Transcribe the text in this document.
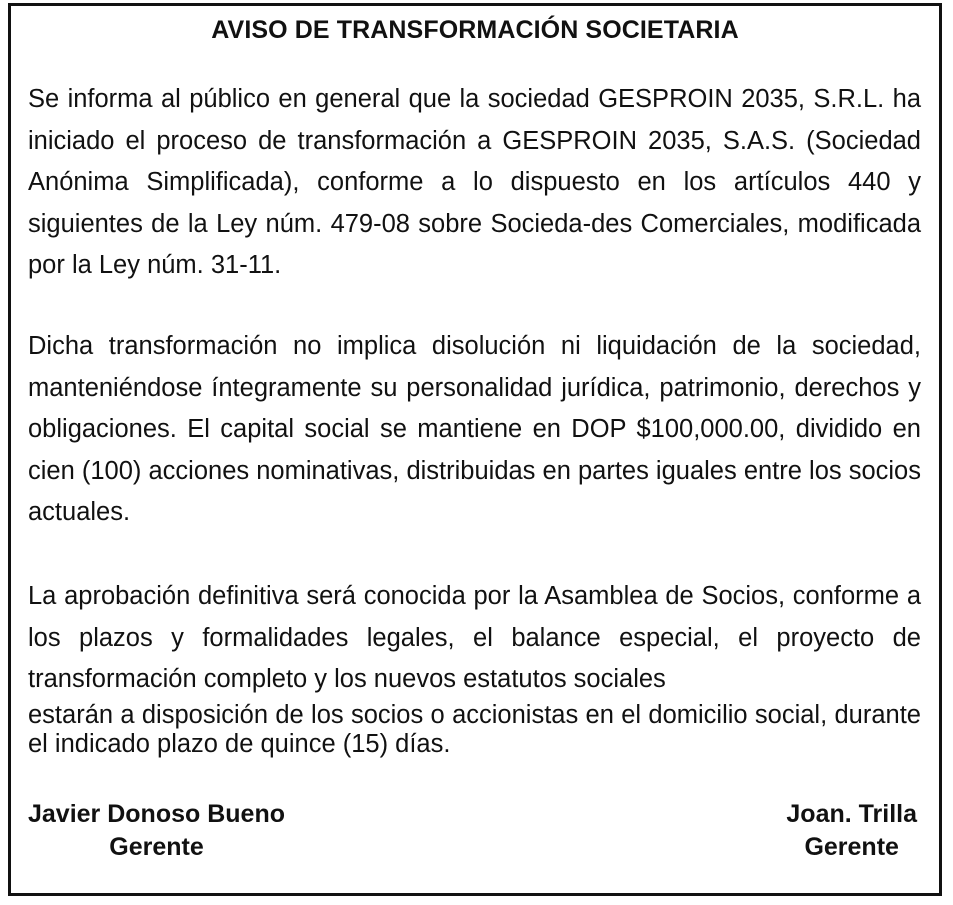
AVISO DE TRANSFORMACIÓN SOCIETARIA

Se informa al público en general que la sociedad GESPROIN 2035, S.R.L. ha iniciado el proceso de transformación a GESPROIN 2035, S.A.S. (Sociedad Anónima Simplificada), conforme a lo dispuesto en los artículos 440 y siguientes de la Ley núm. 479-08 sobre Socieda-des Comerciales, modificada por la Ley núm. 31-11.

Dicha transformación no implica disolución ni liquidación de la sociedad, manteniéndose íntegramente su personalidad jurídica, patrimonio, derechos y obligaciones. El capital social se mantiene en DOP $100,000.00, dividido en cien (100) acciones nominativas, distribuidas en partes iguales entre los socios actuales.

La aprobación definitiva será conocida por la Asamblea de Socios, conforme a los plazos y formalidades legales, el balance especial, el proyecto de transformación completo y los nuevos estatutos sociales
estarán a disposición de los socios o accionistas en el domicilio social, durante el indicado plazo de quince (15) días.

Javier Donoso Bueno
Gerente
Joan. Trilla
Gerente
